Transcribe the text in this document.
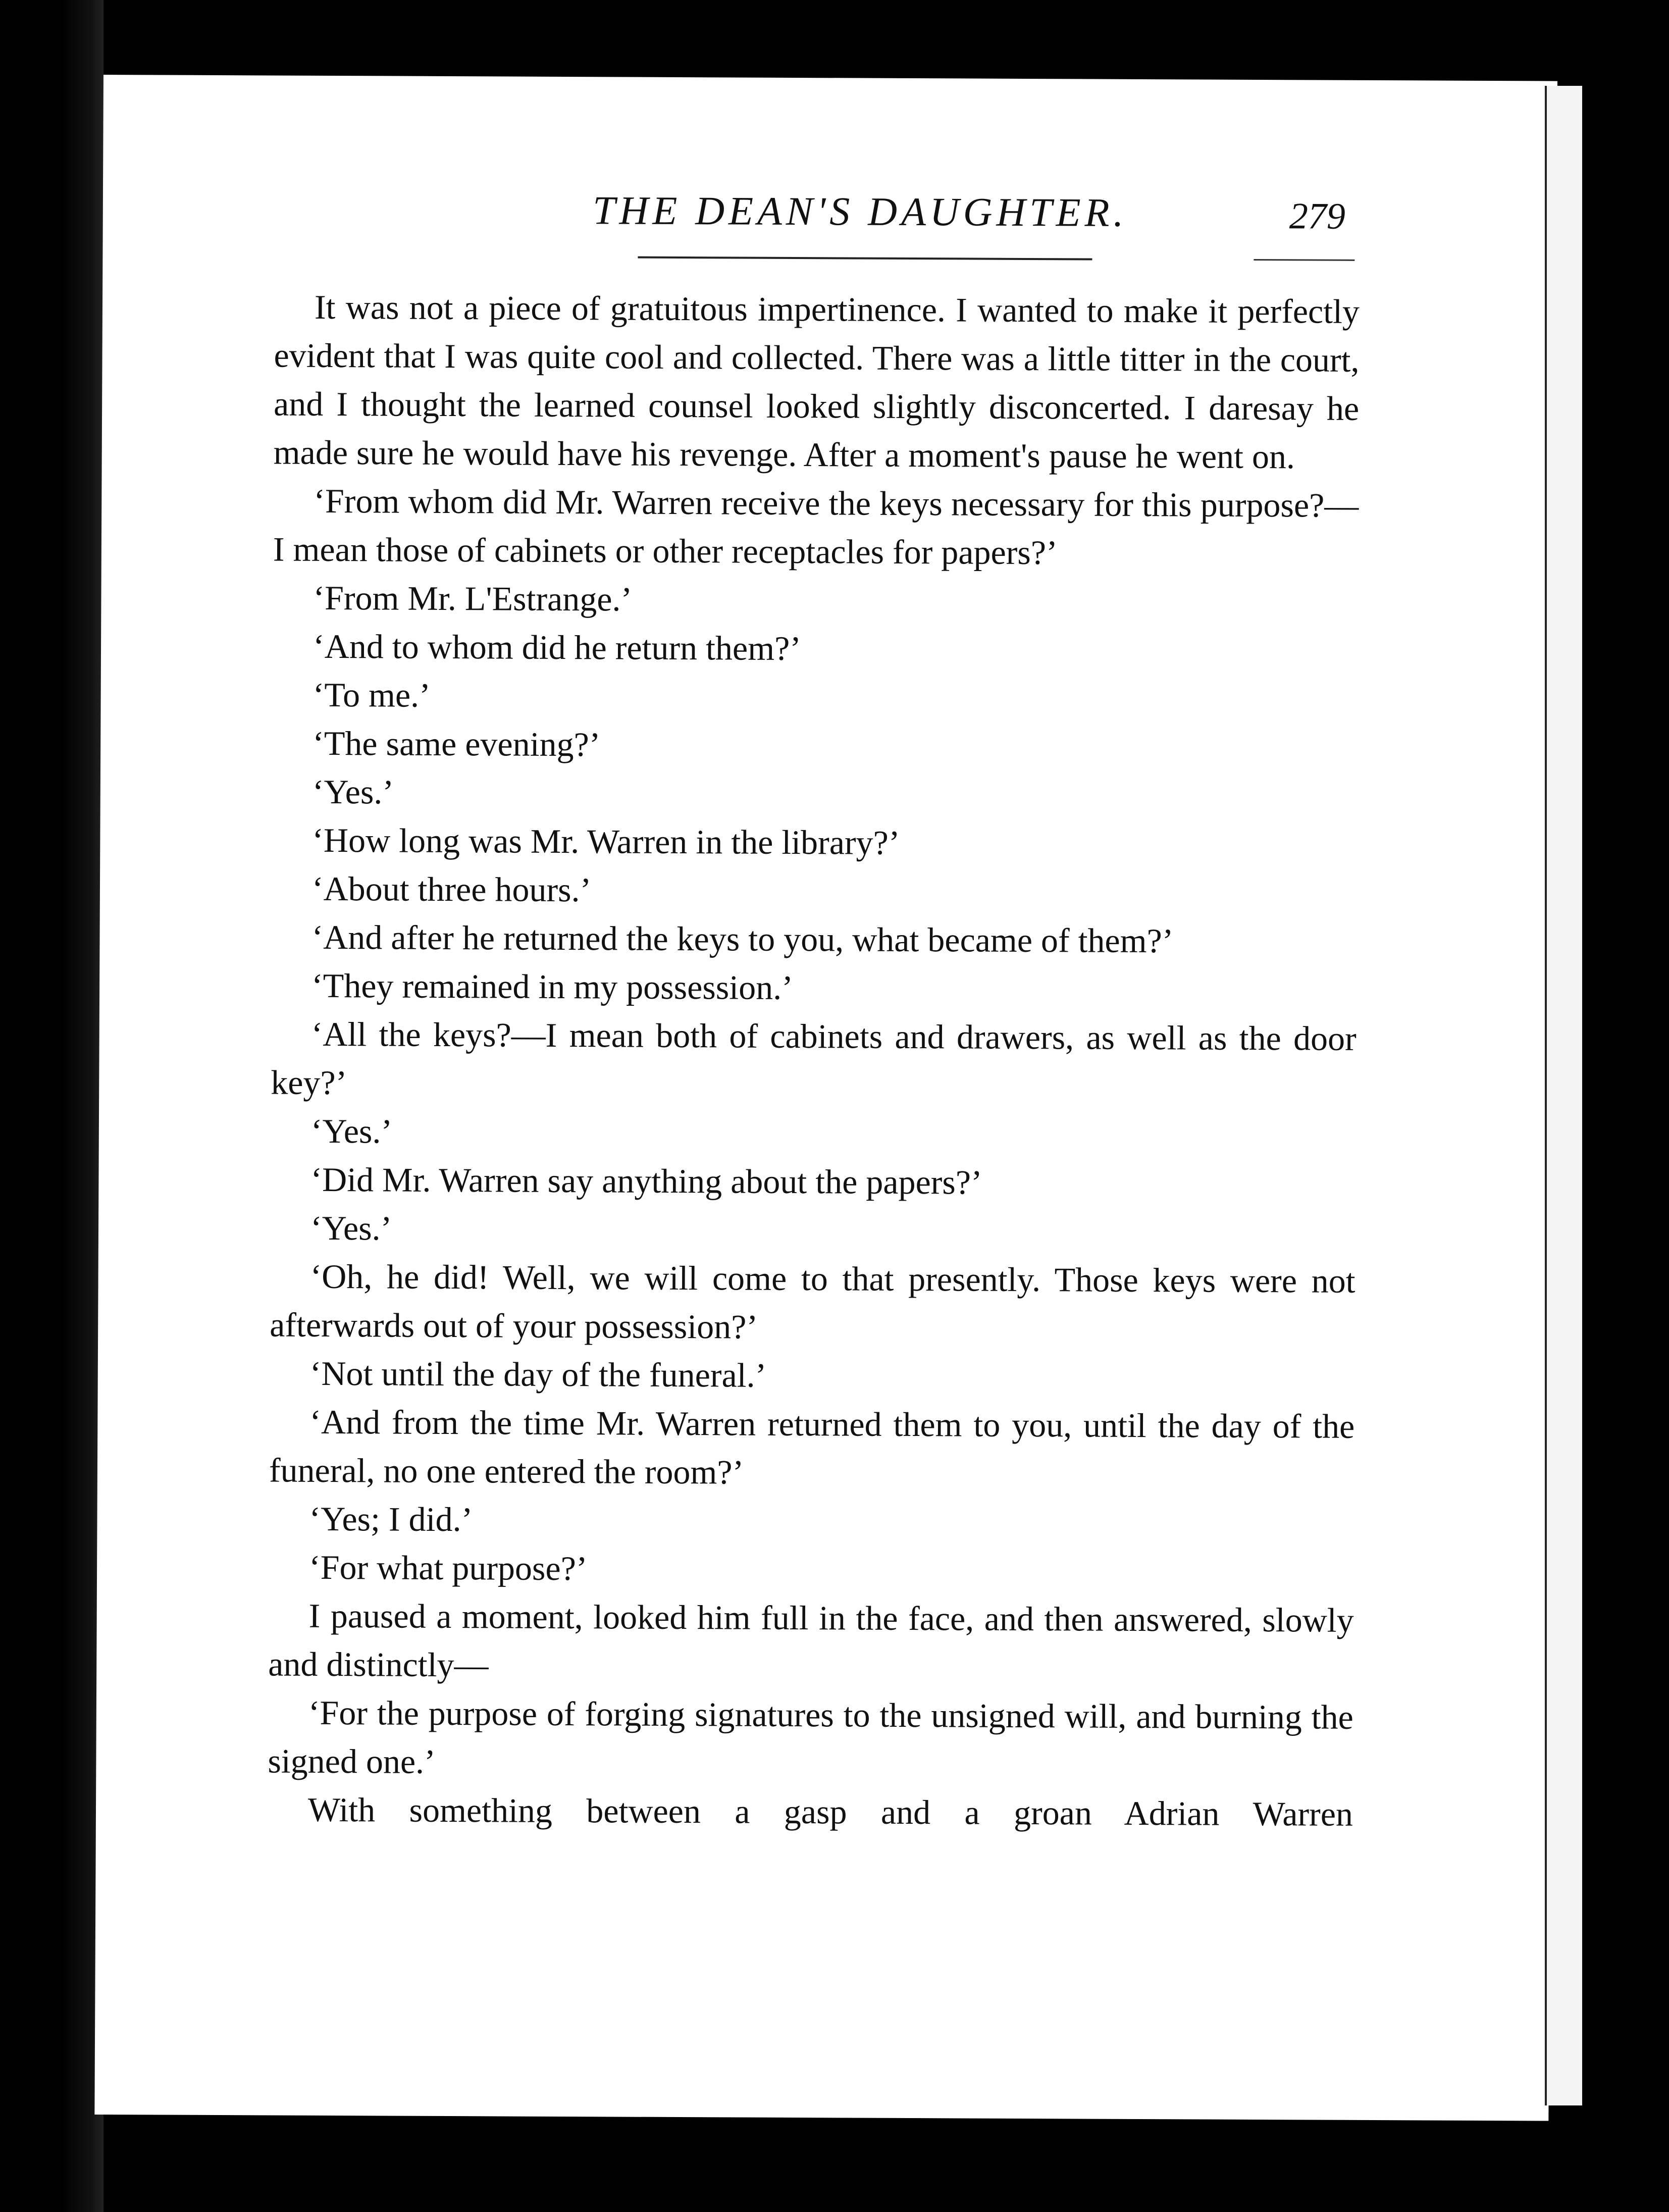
THE DEAN'S DAUGHTER.	279

It was not a piece of gratuitous impertinence. I wanted to make it perfectly evident that I was quite cool and collected. There was a little titter in the court, and I thought the learned counsel looked slightly disconcerted. I daresay he made sure he would have his revenge. After a moment's pause he went on.

‘From whom did Mr. Warren receive the keys necessary for this purpose?—I mean those of cabinets or other receptacles for papers?’

‘From Mr. L'Estrange.’

‘And to whom did he return them?’

‘To me.’

‘The same evening?’

‘Yes.’

‘How long was Mr. Warren in the library?’

‘About three hours.’

‘And after he returned the keys to you, what became of them?’

‘They remained in my possession.’

‘All the keys?—I mean both of cabinets and drawers, as well as the door key?’

‘Yes.’

‘Did Mr. Warren say anything about the papers?’

‘Yes.’

‘Oh, he did! Well, we will come to that presently. Those keys were not afterwards out of your possession?’

‘Not until the day of the funeral.’

‘And from the time Mr. Warren returned them to you, until the day of the funeral, no one entered the room?’

‘Yes; I did.’

‘For what purpose?’

I paused a moment, looked him full in the face, and then answered, slowly and distinctly—

‘For the purpose of forging signatures to the unsigned will, and burning the signed one.’

With something between a gasp and a groan Adrian Warren
